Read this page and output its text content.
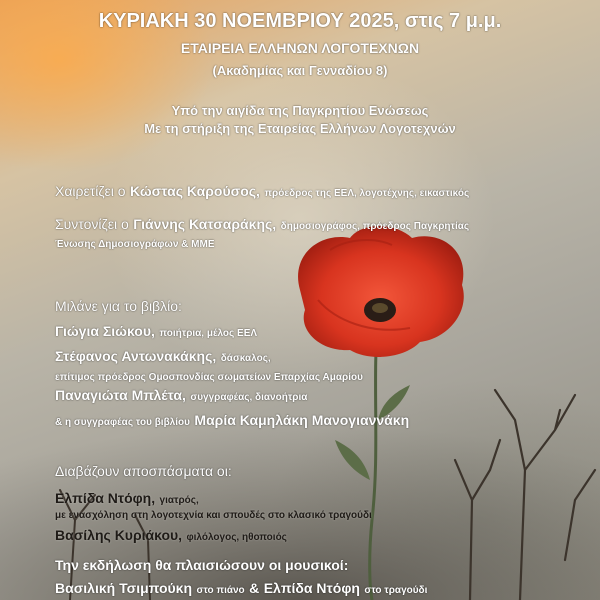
ΚΥΡΙΑΚΗ 30 ΝΟΕΜΒΡΙΟΥ 2025, στις 7 μ.μ.
ΕΤΑΙΡΕΙΑ ΕΛΛΗΝΩΝ ΛΟΓΟΤΕΧΝΩΝ
(Ακαδημίας και Γενναδίου 8)
Υπό την αιγίδα της Παγκρητίου Ενώσεως
Με τη στήριξη της Εταιρείας Ελλήνων Λογοτεχνών
Χαιρετίζει ο Κώστας Καρούσος, πρόεδρος της ΕΕΛ, λογοτέχνης, εικαστικός
Συντονίζει ο Γιάννης Κατσαράκης, δημοσιογράφος, πρόεδρος Παγκρητίας
Ένωσης Δημοσιογράφων & ΜΜΕ
Μιλάνε για το βιβλίο:
Γιώγια Σιώκου, ποιήτρια, μέλος ΕΕΛ
Στέφανος Αντωνακάκης, δάσκαλος,
επίτιμος πρόεδρος Ομοσπονδίας σωματείων Επαρχίας Αμαρίου
Παναγιώτα Μπλέτα, συγγραφέας, διανοήτρια
& η συγγραφέας του βιβλίου Μαρία Καμηλάκη Μανογιαννάκη
Διαβάζουν αποσπάσματα οι:
Ελπίδα Ντόφη, γιατρός,
με ενασχόληση στη λογοτεχνία και σπουδές στο κλασικό τραγούδι
Βασίλης Κυριάκου, φιλόλογος, ηθοποιός
Την εκδήλωση θα πλαισιώσουν οι μουσικοί:
Βασιλική Τσιμπούκη στο πιάνο & Ελπίδα Ντόφη στο τραγούδι
